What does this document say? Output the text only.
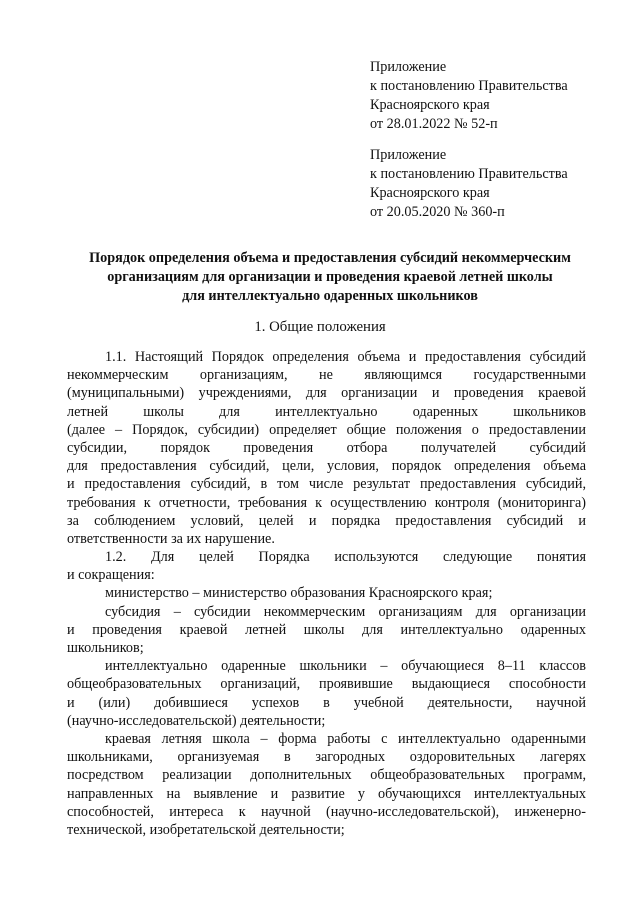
Приложение
к постановлению Правительства
Красноярского края
от 28.01.2022 № 52-п
Приложение
к постановлению Правительства
Красноярского края
от 20.05.2020 № 360-п
Порядок определения объема и предоставления субсидий некоммерческим
организациям для организации и проведения краевой летней школы
для интеллектуально одаренных школьников
1. Общие положения
1.1. Настоящий Порядок определения объема и предоставления субсидий
некоммерческим организациям, не являющимся государственными
(муниципальными) учреждениями, для организации и проведения краевой
летней школы для интеллектуально одаренных школьников
(далее – Порядок, субсидии) определяет общие положения о предоставлении
субсидии, порядок проведения отбора получателей субсидий
для предоставления субсидий, цели, условия, порядок определения объема
и предоставления субсидий, в том числе результат предоставления субсидий,
требования к отчетности, требования к осуществлению контроля (мониторинга)
за соблюдением условий, целей и порядка предоставления субсидий и
ответственности за их нарушение.
1.2. Для целей Порядка используются следующие понятия
и сокращения:
министерство – министерство образования Красноярского края;
субсидия – субсидии некоммерческим организациям для организации
и проведения краевой летней школы для интеллектуально одаренных
школьников;
интеллектуально одаренные школьники – обучающиеся 8–11 классов
общеобразовательных организаций, проявившие выдающиеся способности
и (или) добившиеся успехов в учебной деятельности, научной
(научно-исследовательской) деятельности;
краевая летняя школа – форма работы с интеллектуально одаренными
школьниками, организуемая в загородных оздоровительных лагерях
посредством реализации дополнительных общеобразовательных программ,
направленных на выявление и развитие у обучающихся интеллектуальных
способностей, интереса к научной (научно-исследовательской), инженерно-
технической, изобретательской деятельности;
